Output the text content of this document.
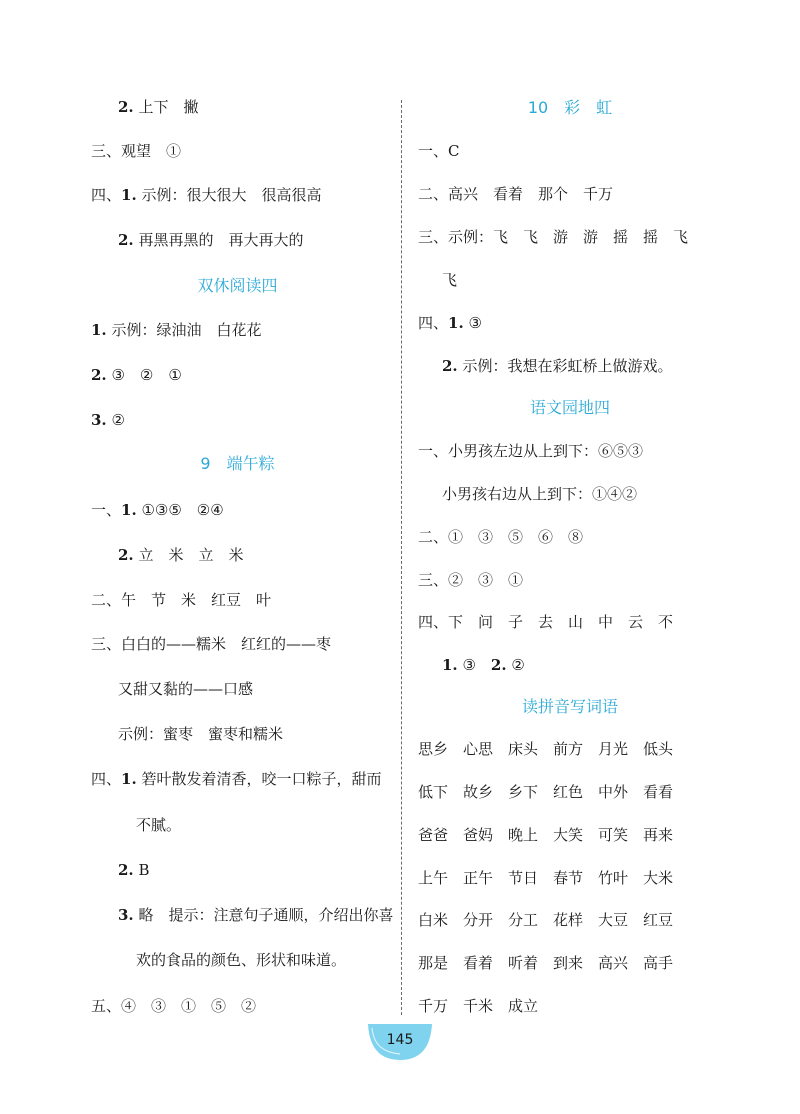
2. 上下　撇
三、观望　①
四、1. 示例：很大很大　很高很高
2. 再黑再黑的　再大再大的
双休阅读四
1. 示例：绿油油　白花花
2. ③　②　①
3. ②
9　端午粽
一、1. ①③⑤　②④
2. 立　米　立　米
二、午　节　米　红豆　叶
三、白白的——糯米　红红的——枣
又甜又黏的——口感
示例：蜜枣　蜜枣和糯米
四、1. 箬叶散发着清香，咬一口粽子，甜而
不腻。
2. B
3. 略　提示：注意句子通顺，介绍出你喜
欢的食品的颜色、形状和味道。
五、④　③　①　⑤　②
10　彩　虹
一、C
二、高兴　看着　那个　千万
三、示例：飞　飞　游　游　摇　摇　飞
飞
四、1. ③
2. 示例：我想在彩虹桥上做游戏。
语文园地四
一、小男孩左边从上到下：⑥⑤③
小男孩右边从上到下：①④②
二、①　③　⑤　⑥　⑧
三、②　③　①
四、下　问　子　去　山　中　云　不
1. ③　2. ②
读拼音写词语
思乡　心思　床头　前方　月光　低头
低下　故乡　乡下　红色　中外　看看
爸爸　爸妈　晚上　大笑　可笑　再来
上午　正午　节日　春节　竹叶　大米
白米　分开　分工　花样　大豆　红豆
那是　看着　听着　到来　高兴　高手
千万　千米　成立
145
